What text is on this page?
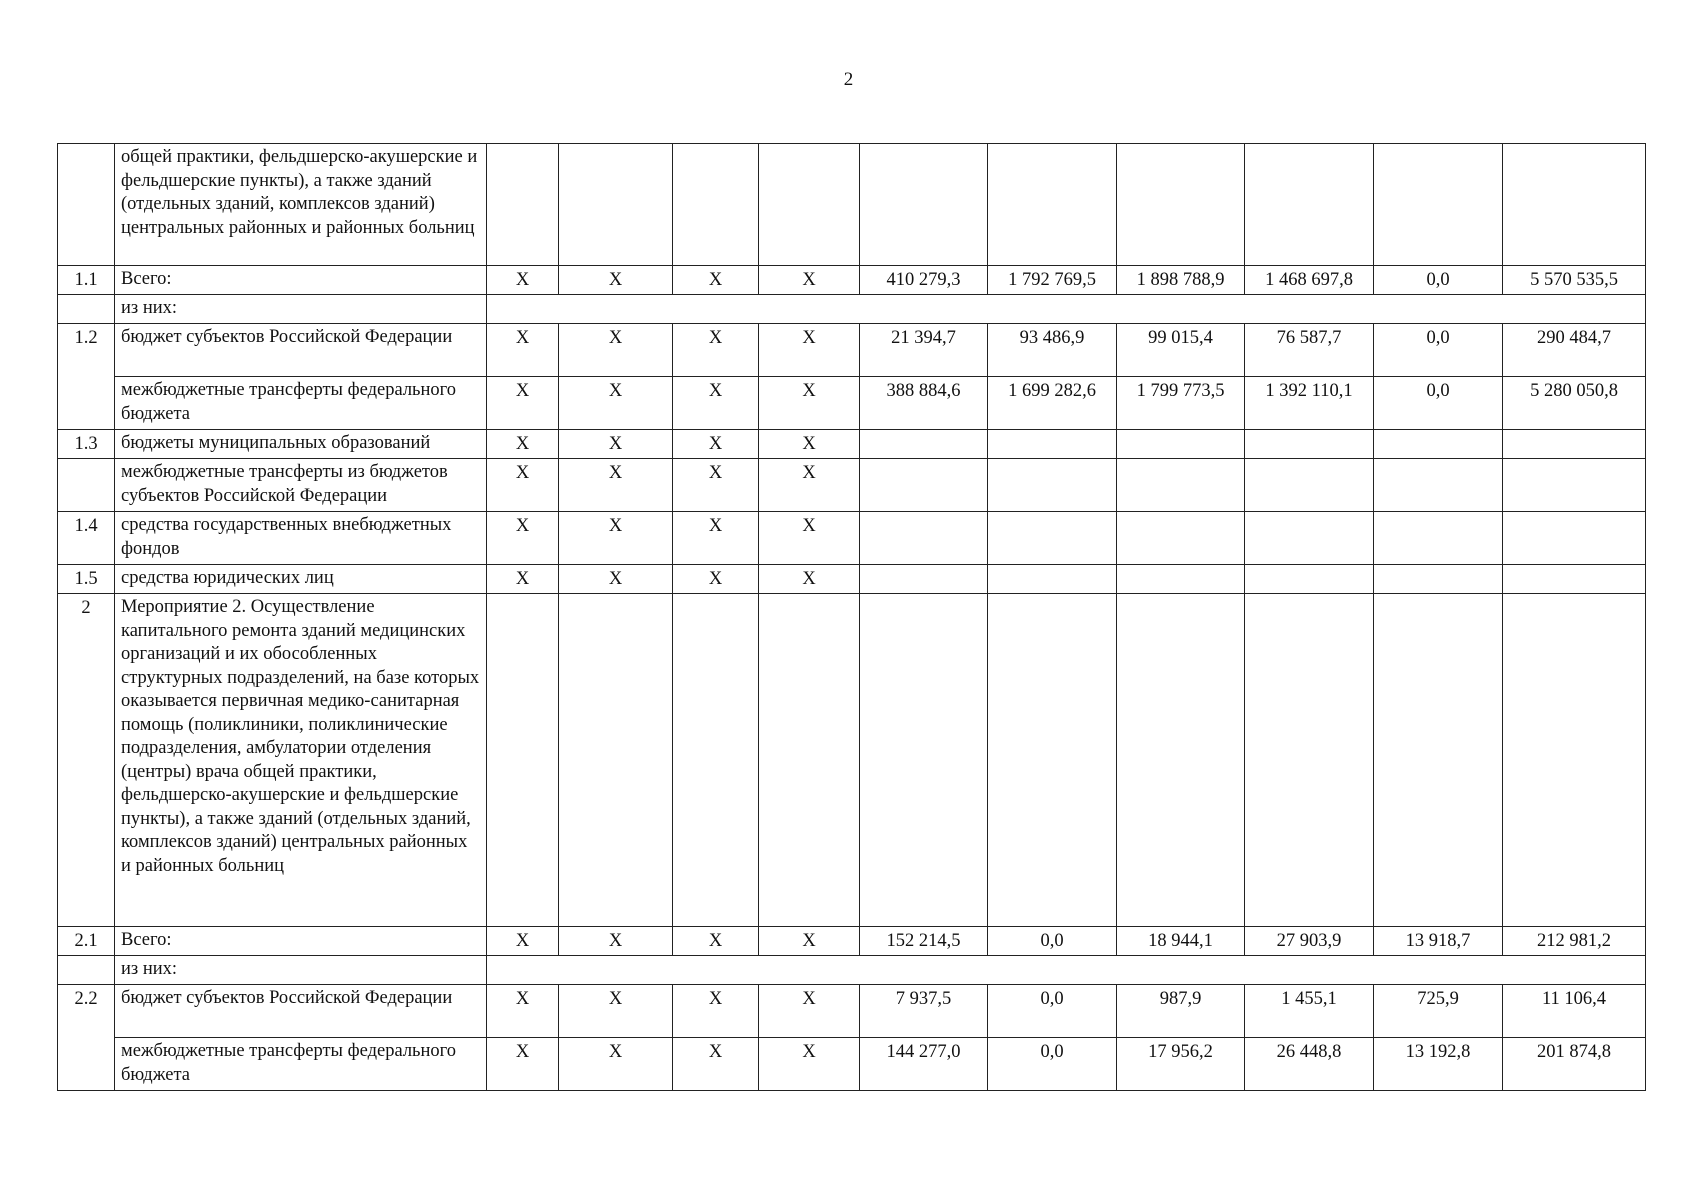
2
	общей практики, фельдшерско-акушерские и фельдшерские пункты), а также зданий (отдельных зданий, комплексов зданий) центральных районных и районных больниц										
1.1	Всего:	Х	Х	Х	Х	410 279,3	1 792 769,5	1 898 788,9	1 468 697,8	0,0	5 570 535,5
	из них:										
1.2	бюджет субъектов Российской Федерации	Х	Х	Х	Х	21 394,7	93 486,9	99 015,4	76 587,7	0,0	290 484,7
	межбюджетные трансферты федерального бюджета	Х	Х	Х	Х	388 884,6	1 699 282,6	1 799 773,5	1 392 110,1	0,0	5 280 050,8
1.3	бюджеты муниципальных образований	Х	Х	Х	Х						
	межбюджетные трансферты из бюджетов субъектов Российской Федерации	Х	Х	Х	Х						
1.4	средства государственных внебюджетных фондов	Х	Х	Х	Х						
1.5	средства юридических лиц	Х	Х	Х	Х						
2	Мероприятие 2. Осуществление капитального ремонта зданий медицинских организаций и их обособленных структурных подразделений, на базе которых оказывается первичная медико-санитарная помощь (поликлиники, поликлинические подразделения, амбулатории отделения (центры) врача общей практики, фельдшерско-акушерские и фельдшерские пункты), а также зданий (отдельных зданий, комплексов зданий) центральных районных и районных больниц										
2.1	Всего:	Х	Х	Х	Х	152 214,5	0,0	18 944,1	27 903,9	13 918,7	212 981,2
	из них:										
2.2	бюджет субъектов Российской Федерации	Х	Х	Х	Х	7 937,5	0,0	987,9	1 455,1	725,9	11 106,4
	межбюджетные трансферты федерального бюджета	Х	Х	Х	Х	144 277,0	0,0	17 956,2	26 448,8	13 192,8	201 874,8
